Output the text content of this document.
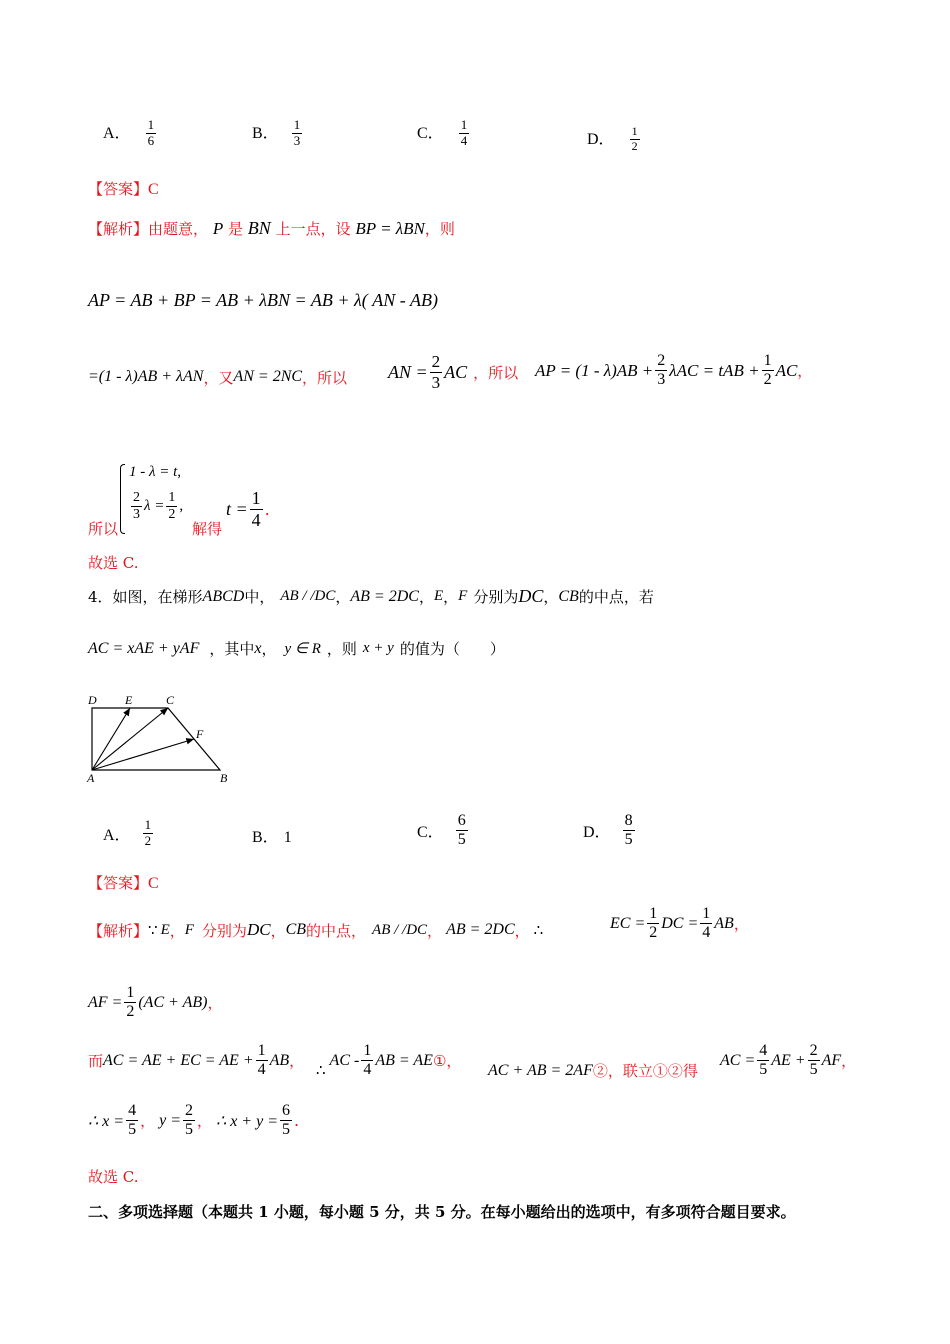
A． $\frac{1}{6}$	B． $\frac{1}{3}$	C． $\frac{1}{4}$	D． $\frac{1}{2}$
【答案】C
【解析】由题意， P 是 BN 上一点，设 BP = λBN，则
AP = AB + BP = AB + λBN = AB + λ( AN - AB)
=(1 - λ)AB + λAN ，又 AN = 2NC ，所以 AN = $\frac{2}{3}$ AC ，所以 AP = $(1 - \lambda)AB + \frac{2}{3}$ λAC = tAB + $\frac{1}{2}$ AC ，
所以
1 - λ = t,
$\frac{2}{3}$ $\lambda = \frac{1}{2}$ ,
解得
$t = \frac{1}{4}$ .
故选 C.
4．如图，在梯形 ABCD 中， AB / /DC ， AB = 2DC ， E ， F 分别为 DC ， CB 的中点，若
AC = xAE + yAF ，其中 x ， y ∈ R ，则 x + y 的值为（　　）
D E	C
F
A	B
A． $\frac{1}{2}$	B． 1	C． $\frac{6}{5}$	D． $\frac{8}{5}$
【答案】C
【解析】 ∵ E ， F 分别为 DC ， CB 的中点， AB / /DC ， AB = 2DC ， ∴	EC = $\frac{1}{2}$ DC = $\frac{1}{4}$ AB ，
AF = $\frac{1}{2} (AC + AB)$ ，
而 AC = AE + EC = AE + $\frac{1}{4}$ AB ，
∴
AC - $\frac{1}{4}$ AB = AE ①， AC + AB = 2AF ②，联立①②得
AC = $\frac{4}{5}$ AE + $\frac{2}{5}$ AF ，
∴ $x = \frac{4}{5}$ ， $y = \frac{2}{5}$ ， ∴ $x + y = \frac{6}{5}$ .
故选 C.
二、多项选择题（本题共 1 小题，每小题 5 分，共 5 分。在每小题给出的选项中，有多项符合题目要求。
